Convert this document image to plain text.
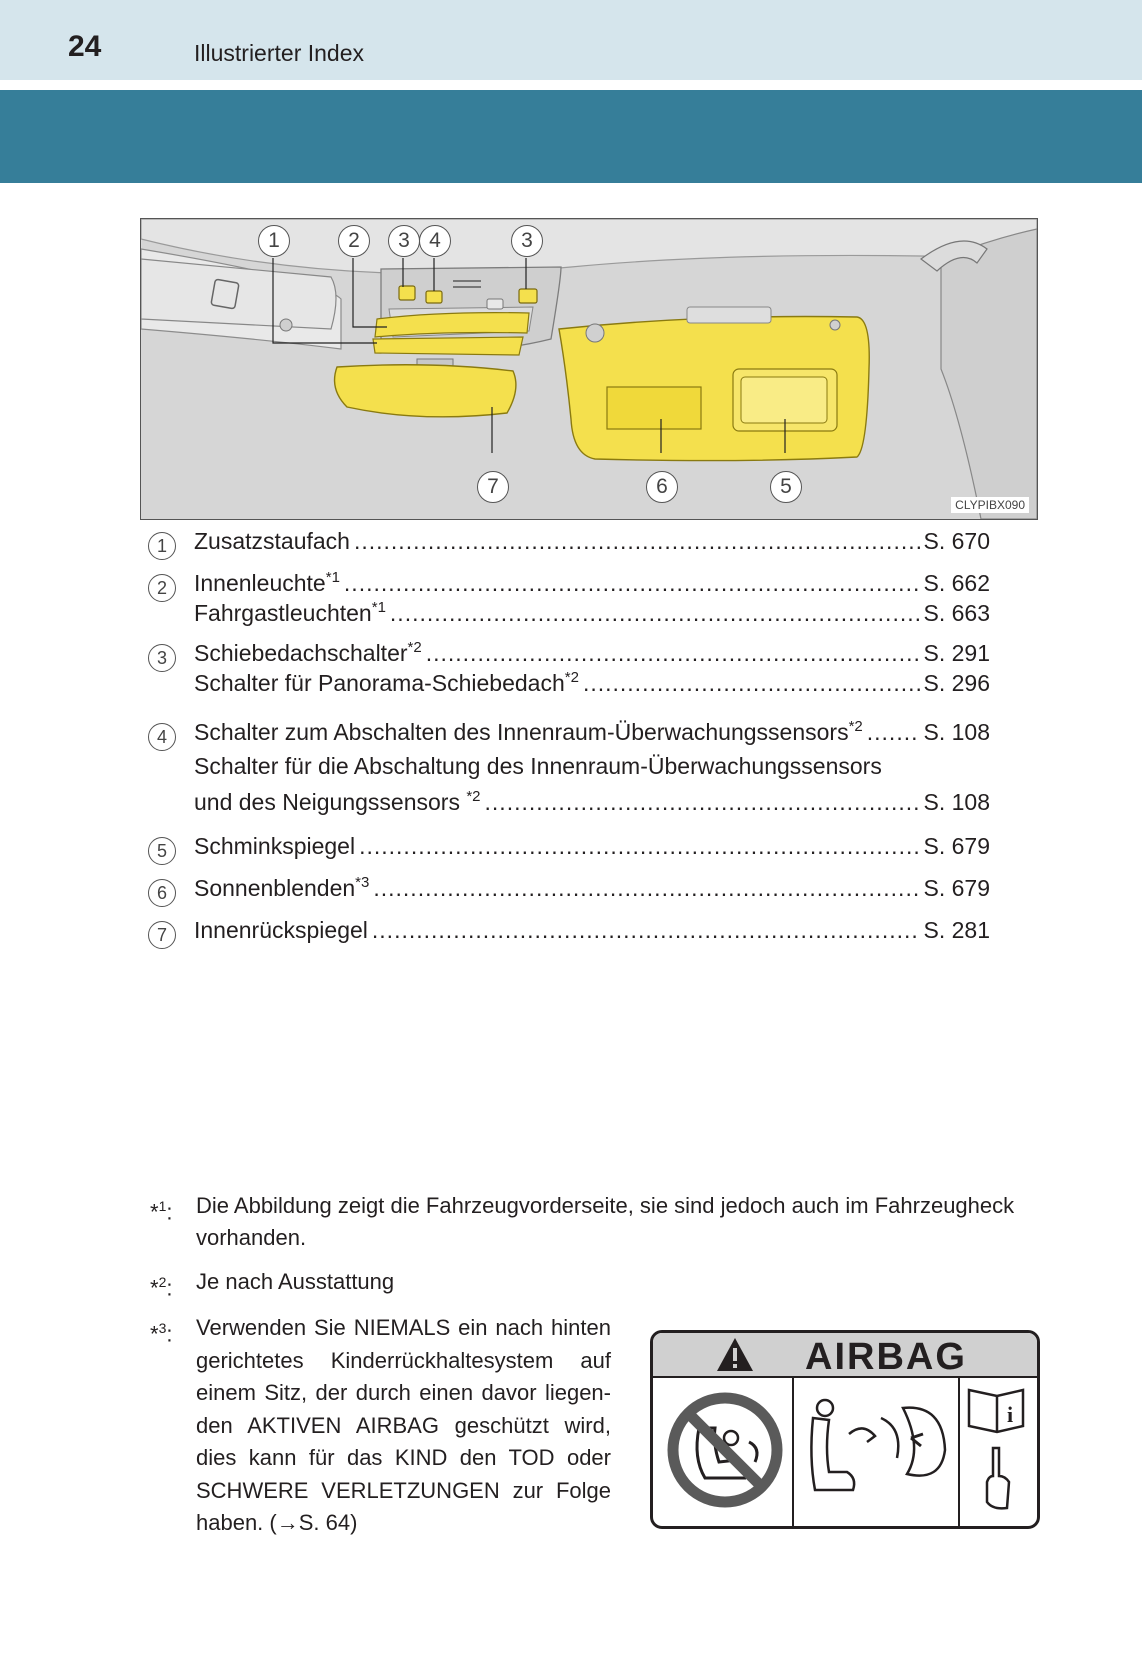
24	Illustrierter Index
1	2	3 4	3
7	6	5
CLYPIBX090
1	Zusatzstaufach .....	S. 670
2	Innenleuchte$^{*1}$ .....	S. 662
Fahrgastleuchten$^{*1}$ .....	S. 663
3	Schiebedachschalter$^{*2}$ .....	S. 291
Schalter für Panorama-Schiebedach$^{*2}$ .....	S. 296
4	Schalter zum Abschalten des Innenraum-Überwachungssensors$^{*2}$ .....	S. 108
Schalter für die Abschaltung des Innenraum-Überwachungssensors
und des Neigungssensors $^{*2}$ .....	S. 108
5	Schminkspiegel .....	S. 679
6	Sonnenblenden$^{*3}$ .....	S. 679
7	Innenrückspiegel .....	S. 281
*$^1$:	Die Abbildung zeigt die Fahrzeugvorderseite, sie sind jedoch auch im Fahrzeugheck
vorhanden.
*$^2$:	Je nach Ausstattung
*$^3$:	Verwenden Sie NIEMALS ein nach hinten gerichtetes Kinderrückhaltesystem auf einem Sitz, der durch einen davor liegen-den AKTIVEN AIRBAG geschützt wird, dies kann für das KIND den TOD oder SCHWERE VERLETZUNGEN zur Folge haben. (→S. 64)
AIRBAG
i
